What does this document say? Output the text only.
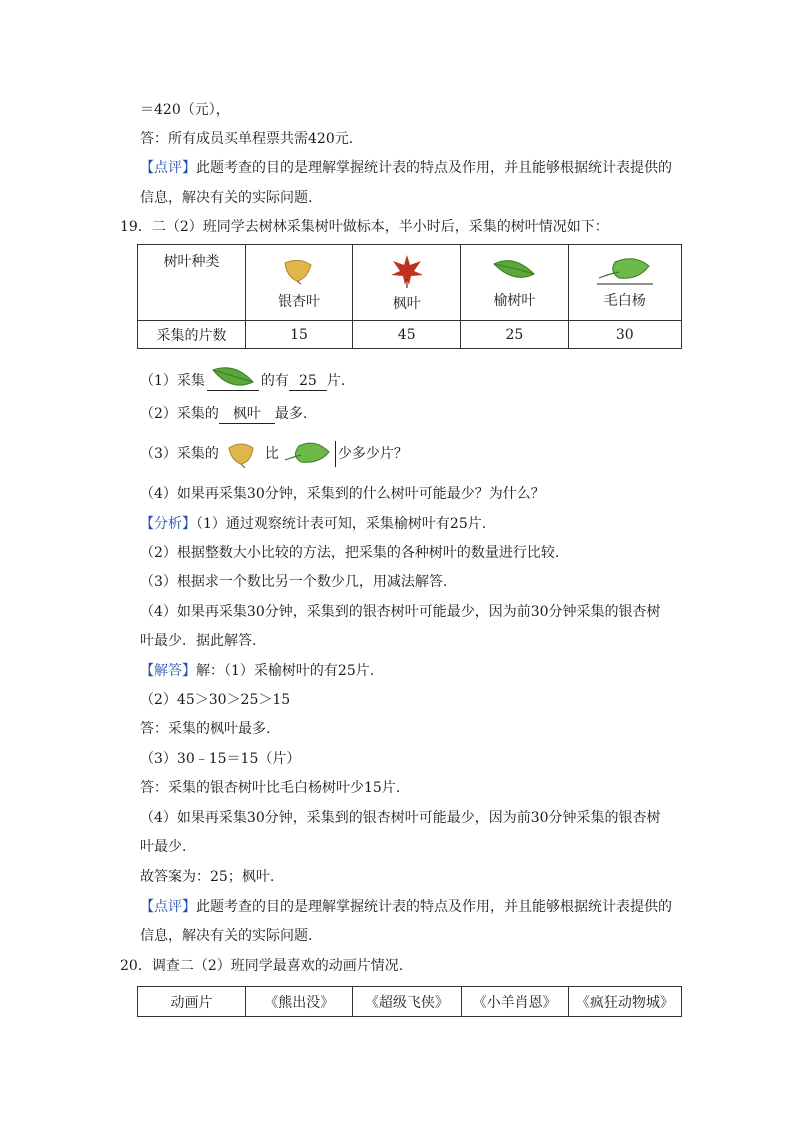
＝420（元），
答：所有成员买单程票共需420元.
【点评】此题考查的目的是理解掌握统计表的特点及作用，并且能够根据统计表提供的
信息，解决有关的实际问题.
19．二（2）班同学去树林采集树叶做标本，半小时后，采集的树叶情况如下：
树叶种类	银杏叶	枫叶	榆树叶	毛白杨
采集的片数	15	45	25	30
（1）采集	的有 25 片.
（2）采集的 枫叶 最多.
（3）采集的	比	少多少片？
（4）如果再采集30分钟，采集到的什么树叶可能最少？为什么？
【分析】（1）通过观察统计表可知，采集榆树叶有25片.
（2）根据整数大小比较的方法，把采集的各种树叶的数量进行比较.
（3）根据求一个数比另一个数少几，用减法解答.
（4）如果再采集30分钟，采集到的银杏树叶可能最少，因为前30分钟采集的银杏树
叶最少．据此解答.
【解答】解：（1）采榆树叶的有25片.
（2）45＞30＞25＞15
答：采集的枫叶最多.
（3）30﹣15＝15（片）
答：采集的银杏树叶比毛白杨树叶少15片.
（4）如果再采集30分钟，采集到的银杏树叶可能最少，因为前30分钟采集的银杏树
叶最少.
故答案为：25；枫叶.
【点评】此题考查的目的是理解掌握统计表的特点及作用，并且能够根据统计表提供的
信息，解决有关的实际问题.
20．调查二（2）班同学最喜欢的动画片情况.
动画片	《熊出没》	《超级飞侠》	《小羊肖恩》	《疯狂动物城》
